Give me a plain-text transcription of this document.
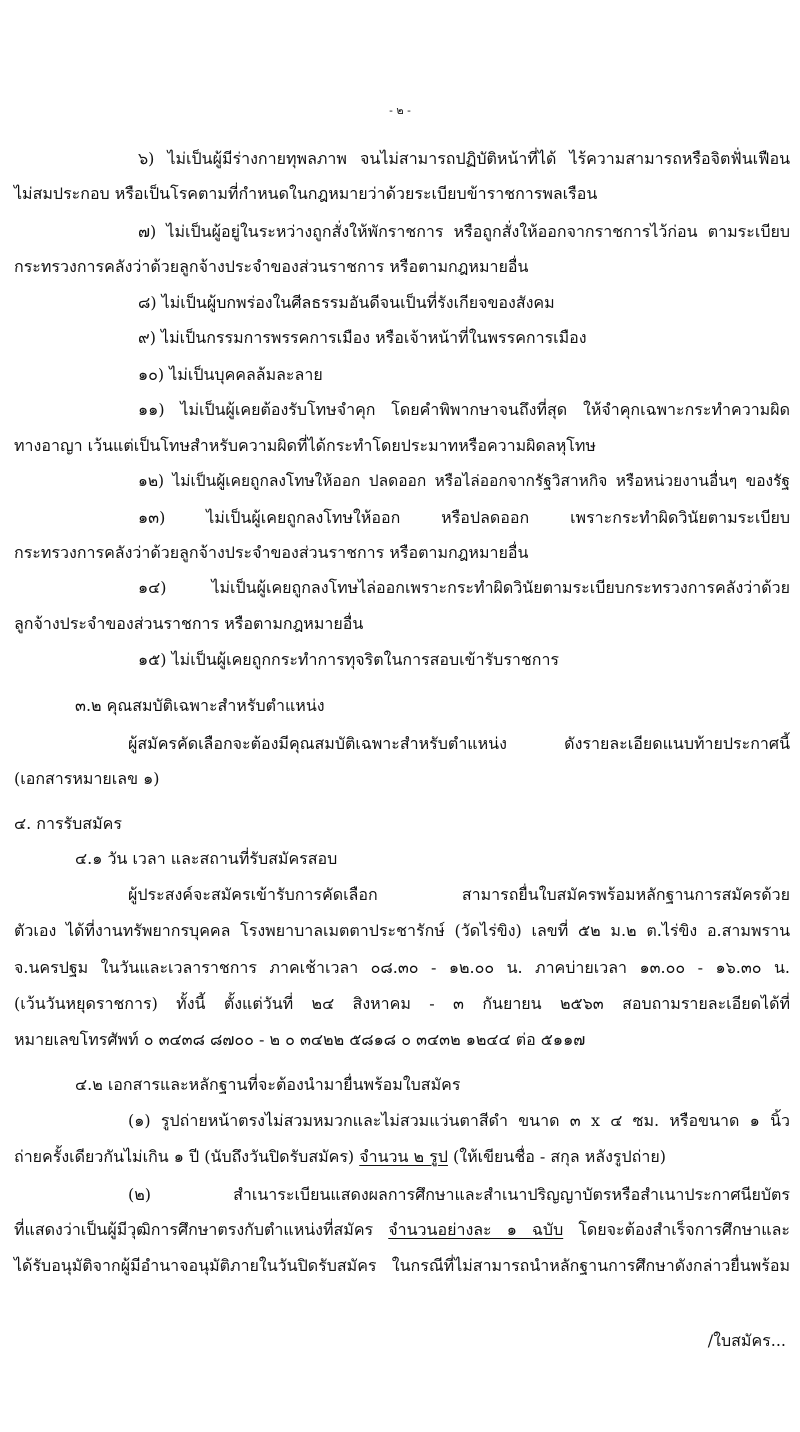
- ๒ -
๖) ไม่เป็นผู้มีร่างกายทุพลภาพ จนไม่สามารถปฏิบัติหน้าที่ได้ ไร้ความสามารถหรือจิตฟั่นเฟือน
ไม่สมประกอบ หรือเป็นโรคตามที่กำหนดในกฎหมายว่าด้วยระเบียบข้าราชการพลเรือน
๗) ไม่เป็นผู้อยู่ในระหว่างถูกสั่งให้พักราชการ หรือถูกสั่งให้ออกจากราชการไว้ก่อน ตามระเบียบ
กระทรวงการคลังว่าด้วยลูกจ้างประจำของส่วนราชการ หรือตามกฎหมายอื่น
๘) ไม่เป็นผู้บกพร่องในศีลธรรมอันดีจนเป็นที่รังเกียจของสังคม
๙) ไม่เป็นกรรมการพรรคการเมือง หรือเจ้าหน้าที่ในพรรคการเมือง
๑๐) ไม่เป็นบุคคลล้มละลาย
๑๑) ไม่เป็นผู้เคยต้องรับโทษจำคุก โดยคำพิพากษาจนถึงที่สุด ให้จำคุกเฉพาะกระทำความผิด
ทางอาญา เว้นแต่เป็นโทษสำหรับความผิดที่ได้กระทำโดยประมาทหรือความผิดลหุโทษ
๑๒) ไม่เป็นผู้เคยถูกลงโทษให้ออก ปลดออก หรือไล่ออกจากรัฐวิสาหกิจ หรือหน่วยงานอื่นๆ ของรัฐ
๑๓) ไม่เป็นผู้เคยถูกลงโทษให้ออก หรือปลดออก เพราะกระทำผิดวินัยตามระเบียบ
กระทรวงการคลังว่าด้วยลูกจ้างประจำของส่วนราชการ หรือตามกฎหมายอื่น
๑๔) ไม่เป็นผู้เคยถูกลงโทษไล่ออกเพราะกระทำผิดวินัยตามระเบียบกระทรวงการคลังว่าด้วย
ลูกจ้างประจำของส่วนราชการ หรือตามกฎหมายอื่น
๑๕) ไม่เป็นผู้เคยถูกกระทำการทุจริตในการสอบเข้ารับราชการ
๓.๒ คุณสมบัติเฉพาะสำหรับตำแหน่ง
ผู้สมัครคัดเลือกจะต้องมีคุณสมบัติเฉพาะสำหรับตำแหน่ง ดังรายละเอียดแนบท้ายประกาศนี้
(เอกสารหมายเลข ๑)
๔. การรับสมัคร
๔.๑ วัน เวลา และสถานที่รับสมัครสอบ
ผู้ประสงค์จะสมัครเข้ารับการคัดเลือก สามารถยื่นใบสมัครพร้อมหลักฐานการสมัครด้วย
ตัวเอง ได้ที่งานทรัพยากรบุคคล โรงพยาบาลเมตตาประชารักษ์ (วัดไร่ขิง) เลขที่ ๕๒ ม.๒ ต.ไร่ขิง อ.สามพราน
จ.นครปฐม ในวันและเวลาราชการ ภาคเช้าเวลา ๐๘.๓๐ - ๑๒.๐๐ น. ภาคบ่ายเวลา ๑๓.๐๐ - ๑๖.๓๐ น.
(เว้นวันหยุดราชการ) ทั้งนี้ ตั้งแต่วันที่ ๒๔ สิงหาคม - ๓ กันยายน ๒๕๖๓ สอบถามรายละเอียดได้ที่
หมายเลขโทรศัพท์ ๐ ๓๔๓๘ ๘๗๐๐ - ๒ ๐ ๓๔๒๒ ๕๘๑๘ ๐ ๓๔๓๒ ๑๒๔๔ ต่อ ๕๑๑๗
๔.๒ เอกสารและหลักฐานที่จะต้องนำมายื่นพร้อมใบสมัคร
(๑) รูปถ่ายหน้าตรงไม่สวมหมวกและไม่สวมแว่นตาสีดำ ขนาด ๓ x ๔ ซม. หรือขนาด ๑ นิ้ว
ถ่ายครั้งเดียวกันไม่เกิน ๑ ปี (นับถึงวันปิดรับสมัคร) จำนวน ๒ รูป (ให้เขียนชื่อ - สกุล หลังรูปถ่าย)
(๒) สำเนาระเบียนแสดงผลการศึกษาและสำเนาปริญญาบัตรหรือสำเนาประกาศนียบัตร
ที่แสดงว่าเป็นผู้มีวุฒิการศึกษาตรงกับตำแหน่งที่สมัคร จำนวนอย่างละ ๑ ฉบับ โดยจะต้องสำเร็จการศึกษาและ
ได้รับอนุมัติจากผู้มีอำนาจอนุมัติภายในวันปิดรับสมัคร ในกรณีที่ไม่สามารถนำหลักฐานการศึกษาดังกล่าวยื่นพร้อม
/ใบสมัคร...
